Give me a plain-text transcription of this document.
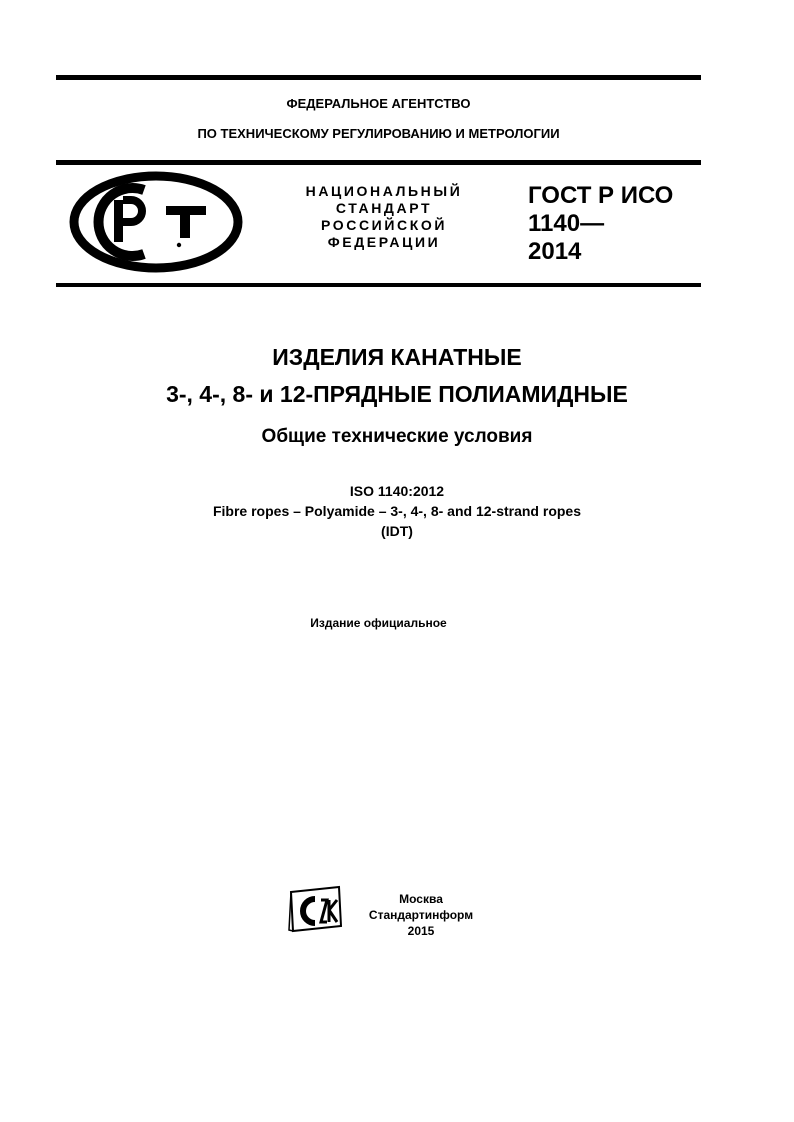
ФЕДЕРАЛЬНОЕ АГЕНТСТВО
ПО ТЕХНИЧЕСКОМУ РЕГУЛИРОВАНИЮ И МЕТРОЛОГИИ
НАЦИОНАЛЬНЫЙ
СТАНДАРТ
РОССИЙСКОЙ
ФЕДЕРАЦИИ
ГОСТ Р ИСО
1140—
2014
ИЗДЕЛИЯ КАНАТНЫЕ
3-, 4-, 8- и 12-ПРЯДНЫЕ ПОЛИАМИДНЫЕ
Общие технические условия
ISO 1140:2012
Fibre ropes – Polyamide – 3-, 4-, 8- and 12-strand ropes
(IDT)
Издание официальное
Москва
Стандартинформ
2015
